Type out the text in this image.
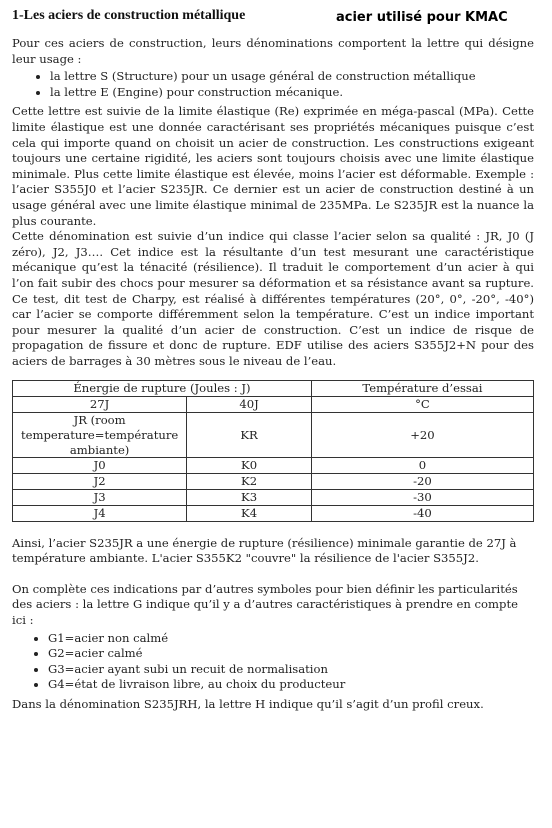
1-Les aciers de construction métallique	acier utilisé pour KMAC

Pour ces aciers de construction, leurs dénominations comportent la lettre qui désigne leur usage :

• la lettre S (Structure) pour un usage général de construction métallique
• la lettre E (Engine) pour construction mécanique.

Cette lettre est suivie de la limite élastique (Re) exprimée en méga-pascal (MPa). Cette limite élastique est une donnée caractérisant ses propriétés mécaniques puisque c’est cela qui importe quand on choisit un acier de construction. Les constructions exigeant toujours une certaine rigidité, les aciers sont toujours choisis avec une limite élastique minimale. Plus cette limite élastique est élevée, moins l’acier est déformable. Exemple : l’acier S355J0 et l’acier S235JR. Ce dernier est un acier de construction destiné à un usage général avec une limite élastique minimal de 235MPa. Le S235JR est la nuance la plus courante.

Cette dénomination est suivie d’un indice qui classe l’acier selon sa qualité : JR, J0 (J zéro), J2, J3…. Cet indice est la résultante d’un test mesurant une caractéristique mécanique qu’est la ténacité (résilience). Il traduit le comportement d’un acier à qui l’on fait subir des chocs pour mesurer sa déformation et sa résistance avant sa rupture. Ce test, dit test de Charpy, est réalisé à différentes températures (20°, 0°, -20°, -40°) car l’acier se comporte différemment selon la température. C’est un indice important pour mesurer la qualité d’un acier de construction. C’est un indice de risque de propagation de fissure et donc de rupture. EDF utilise des aciers S355J2+N pour des aciers de barrages à 30 mètres sous le niveau de l’eau.

Énergie de rupture (Joules : J)		Température d’essai
27J	40J	°C
JR (room temperature=température ambiante)	KR	+20
J0	K0	0
J2	K2	-20
J3	K3	-30
J4	K4	-40

Ainsi, l’acier S235JR a une énergie de rupture (résilience) minimale garantie de 27J à température ambiante. L'acier S355K2 "couvre" la résilience de l'acier S355J2.

On complète ces indications par d’autres symboles pour bien définir les particularités des aciers : la lettre G indique qu’il y a d’autres caractéristiques à prendre en compte ici :

• G1=acier non calmé
• G2=acier calmé
• G3=acier ayant subi un recuit de normalisation
• G4=état de livraison libre, au choix du producteur

Dans la dénomination S235JRH, la lettre H indique qu’il s’agit d’un profil creux.
